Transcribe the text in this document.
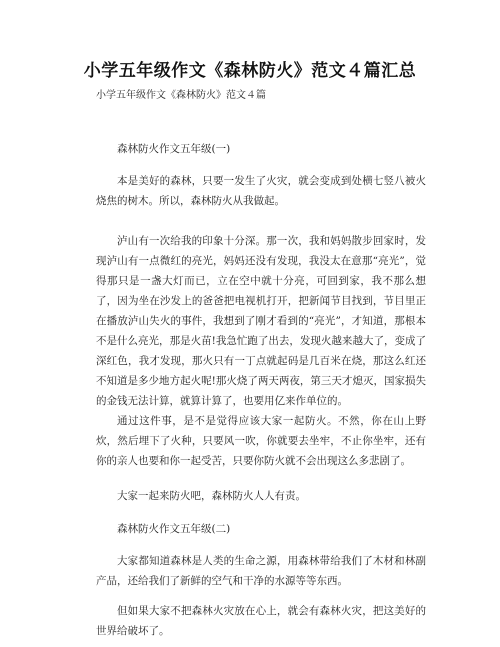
小学五年级作文《森林防火》范文４篇汇总
小学五年级作文《森林防火》范文４篇
森林防火作文五年级(一)

本是美好的森林，只要一发生了火灾，就会变成到处横七竖八被火烧焦的树木。所以，森林防火从我做起。

泸山有一次给我的印象十分深。那一次，我和妈妈散步回家时，发现泸山有一点微红的亮光，妈妈还没有发现，我没太在意那“亮光”，觉得那只是一盏大灯而已，立在空中就十分亮，可回到家，我不那么想了，因为坐在沙发上的爸爸把电视机打开，把新闻节目找到，节目里正在播放泸山失火的事件，我想到了刚才看到的“亮光”，才知道，那根本不是什么亮光，那是火苗!我急忙跑了出去，发现火越来越大了，变成了深红色，我才发现，那火只有一丁点就起码是几百米在烧，那这么红还不知道是多少地方起火呢!那火烧了两天两夜，第三天才熄灭，国家损失的金钱无法计算，就算计算了，也要用亿来作单位的。

通过这件事，是不是觉得应该大家一起防火。不然，你在山上野炊，然后埋下了火种，只要风一吹，你就要去坐牢，不止你坐牢，还有你的亲人也要和你一起受苦，只要你防火就不会出现这么多悲剧了。

大家一起来防火吧，森林防火人人有责。

森林防火作文五年级(二)

大家都知道森林是人类的生命之源，用森林带给我们了木材和林副产品，还给我们了新鲜的空气和干净的水源等等东西。

但如果大家不把森林火灾放在心上，就会有森林火灾，把这美好的世界给破坏了。
